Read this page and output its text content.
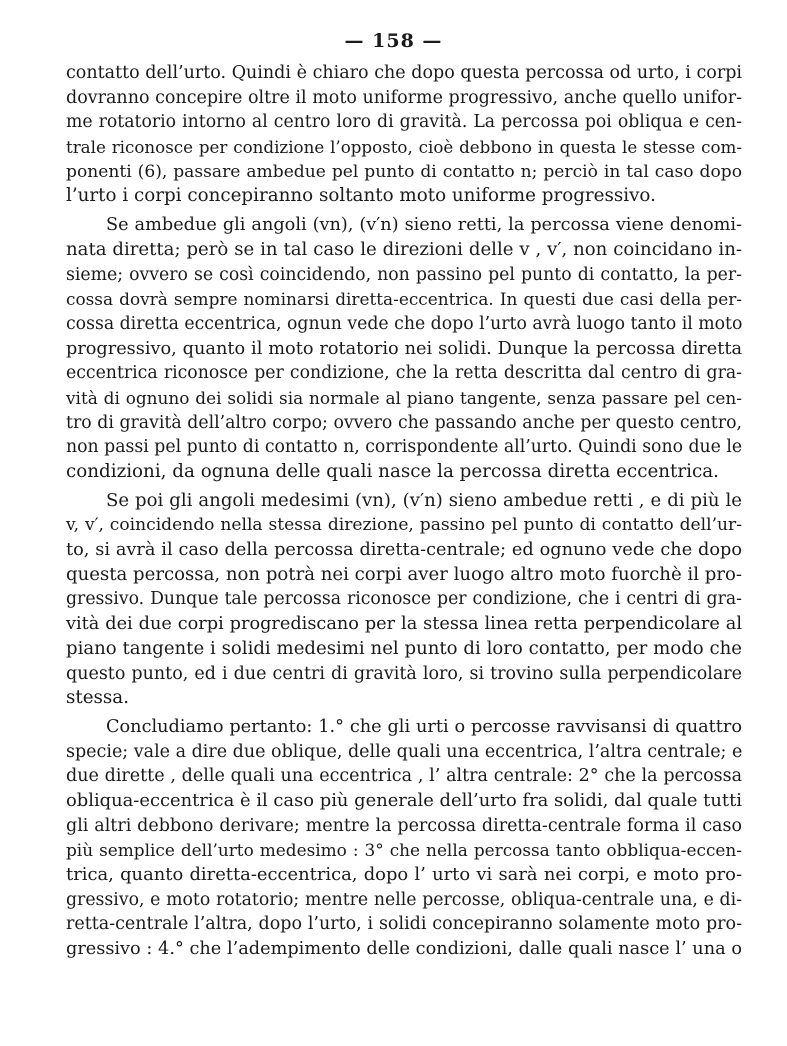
— 158 —
contatto dell’urto. Quindi è chiaro che dopo questa percossa od urto, i corpi
dovranno concepire oltre il moto uniforme progressivo, anche quello unifor-
me rotatorio intorno al centro loro di gravità. La percossa poi obliqua e cen-
trale riconosce per condizione l’opposto, cioè debbono in questa le stesse com-
ponenti (6), passare ambedue pel punto di contatto n; perciò in tal caso dopo
l’urto i corpi concepiranno soltanto moto uniforme progressivo.
Se ambedue gli angoli (vn), (v′n) sieno retti, la percossa viene denomi-
nata diretta; però se in tal caso le direzioni delle v , v′, non coincidano in-
sieme; ovvero se così coincidendo, non passino pel punto di contatto, la per-
cossa dovrà sempre nominarsi diretta-eccentrica. In questi due casi della per-
cossa diretta eccentrica, ognun vede che dopo l’urto avrà luogo tanto il moto
progressivo, quanto il moto rotatorio nei solidi. Dunque la percossa diretta
eccentrica riconosce per condizione, che la retta descritta dal centro di gra-
vità di ognuno dei solidi sia normale al piano tangente, senza passare pel cen-
tro di gravità dell’altro corpo; ovvero che passando anche per questo centro,
non passi pel punto di contatto n, corrispondente all’urto. Quindi sono due le
condizioni, da ognuna delle quali nasce la percossa diretta eccentrica.
Se poi gli angoli medesimi (vn), (v′n) sieno ambedue retti , e di più le
v, v′, coincidendo nella stessa direzione, passino pel punto di contatto dell’ur-
to, si avrà il caso della percossa diretta-centrale; ed ognuno vede che dopo
questa percossa, non potrà nei corpi aver luogo altro moto fuorchè il pro-
gressivo. Dunque tale percossa riconosce per condizione, che i centri di gra-
vità dei due corpi progrediscano per la stessa linea retta perpendicolare al
piano tangente i solidi medesimi nel punto di loro contatto, per modo che
questo punto, ed i due centri di gravità loro, si trovino sulla perpendicolare
stessa.
Concludiamo pertanto: 1.° che gli urti o percosse ravvisansi di quattro
specie; vale a dire due oblique, delle quali una eccentrica, l’altra centrale; e
due dirette , delle quali una eccentrica , l’ altra centrale: 2° che la percossa
obliqua-eccentrica è il caso più generale dell’urto fra solidi, dal quale tutti
gli altri debbono derivare; mentre la percossa diretta-centrale forma il caso
più semplice dell’urto medesimo : 3° che nella percossa tanto obbliqua-eccen-
trica, quanto diretta-eccentrica, dopo l’ urto vi sarà nei corpi, e moto pro-
gressivo, e moto rotatorio; mentre nelle percosse, obliqua-centrale una, e di-
retta-centrale l’altra, dopo l’urto, i solidi concepiranno solamente moto pro-
gressivo : 4.° che l’adempimento delle condizioni, dalle quali nasce l’ una o
